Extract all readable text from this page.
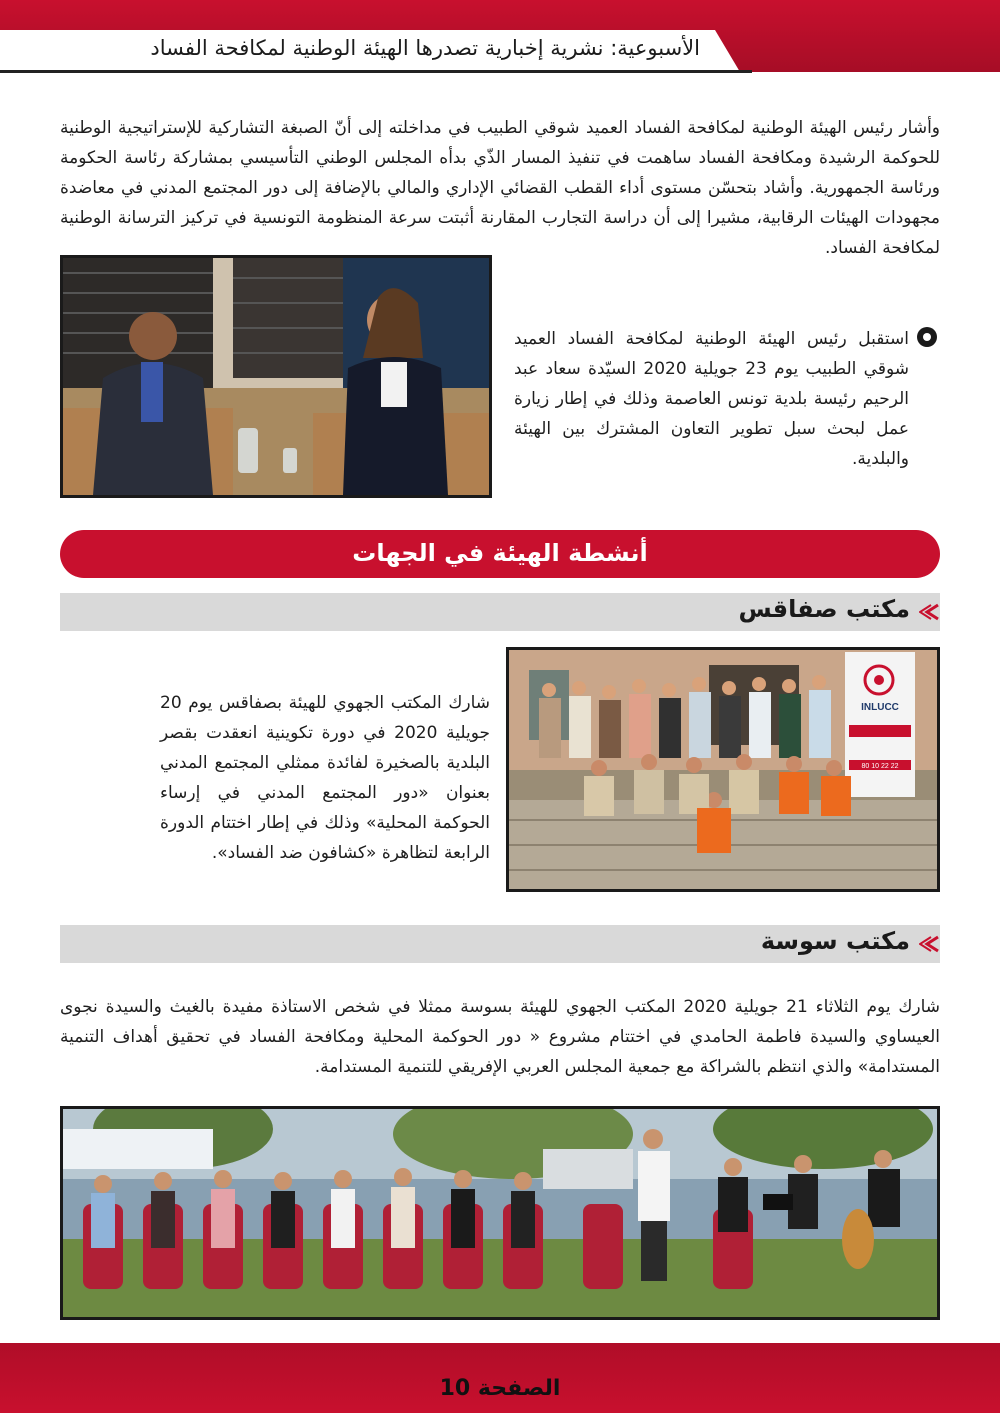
الأسبوعية: نشرية إخبارية تصدرها الهيئة الوطنية لمكافحة الفساد

وأشار رئيس الهيئة الوطنية لمكافحة الفساد العميد شوقي الطبيب في مداخلته إلى أنّ الصبغة التشاركية للإستراتيجية الوطنية للحوكمة الرشيدة ومكافحة الفساد ساهمت في تنفيذ المسار الذّي بدأه المجلس الوطني التأسيسي بمشاركة رئاسة الحكومة ورئاسة الجمهورية. وأشاد بتحسّن مستوى أداء القطب القضائي الإداري والمالي بالإضافة إلى دور المجتمع المدني في معاضدة مجهودات الهيئات الرقابية، مشيرا إلى أن دراسة التجارب المقارنة أثبتت سرعة المنظومة التونسية في تركيز الترسانة الوطنية لمكافحة الفساد.

استقبل رئيس الهيئة الوطنية لمكافحة الفساد العميد شوقي الطبيب يوم 23 جويلية 2020 السيّدة سعاد عبد الرحيم رئيسة بلدية تونس العاصمة وذلك في إطار زيارة عمل لبحث سبل تطوير التعاون المشترك بين الهيئة والبلدية.

أنشطة الهيئة في الجهات
مكتب صفاقس
INLUCC
80 10 22 22

شارك المكتب الجهوي للهيئة بصفاقس يوم 20 جويلية 2020 في دورة تكوينية انعقدت بقصر البلدية بالصخيرة لفائدة ممثلي المجتمع المدني بعنوان «دور المجتمع المدني في إرساء الحوكمة المحلية» وذلك في إطار اختتام الدورة الرابعة لتظاهرة «كشافون ضد الفساد».

مكتب سوسة

شارك يوم الثلاثاء 21 جويلية 2020 المكتب الجهوي للهيئة بسوسة ممثلا في شخص الاستاذة مفيدة بالغيث والسيدة نجوى العيساوي والسيدة فاطمة الحامدي في اختتام مشروع « دور الحوكمة المحلية ومكافحة الفساد في تحقيق أهداف التنمية المستدامة» والذي انتظم بالشراكة مع جمعية المجلس العربي الإفريقي للتنمية المستدامة.

الصفحة 10
